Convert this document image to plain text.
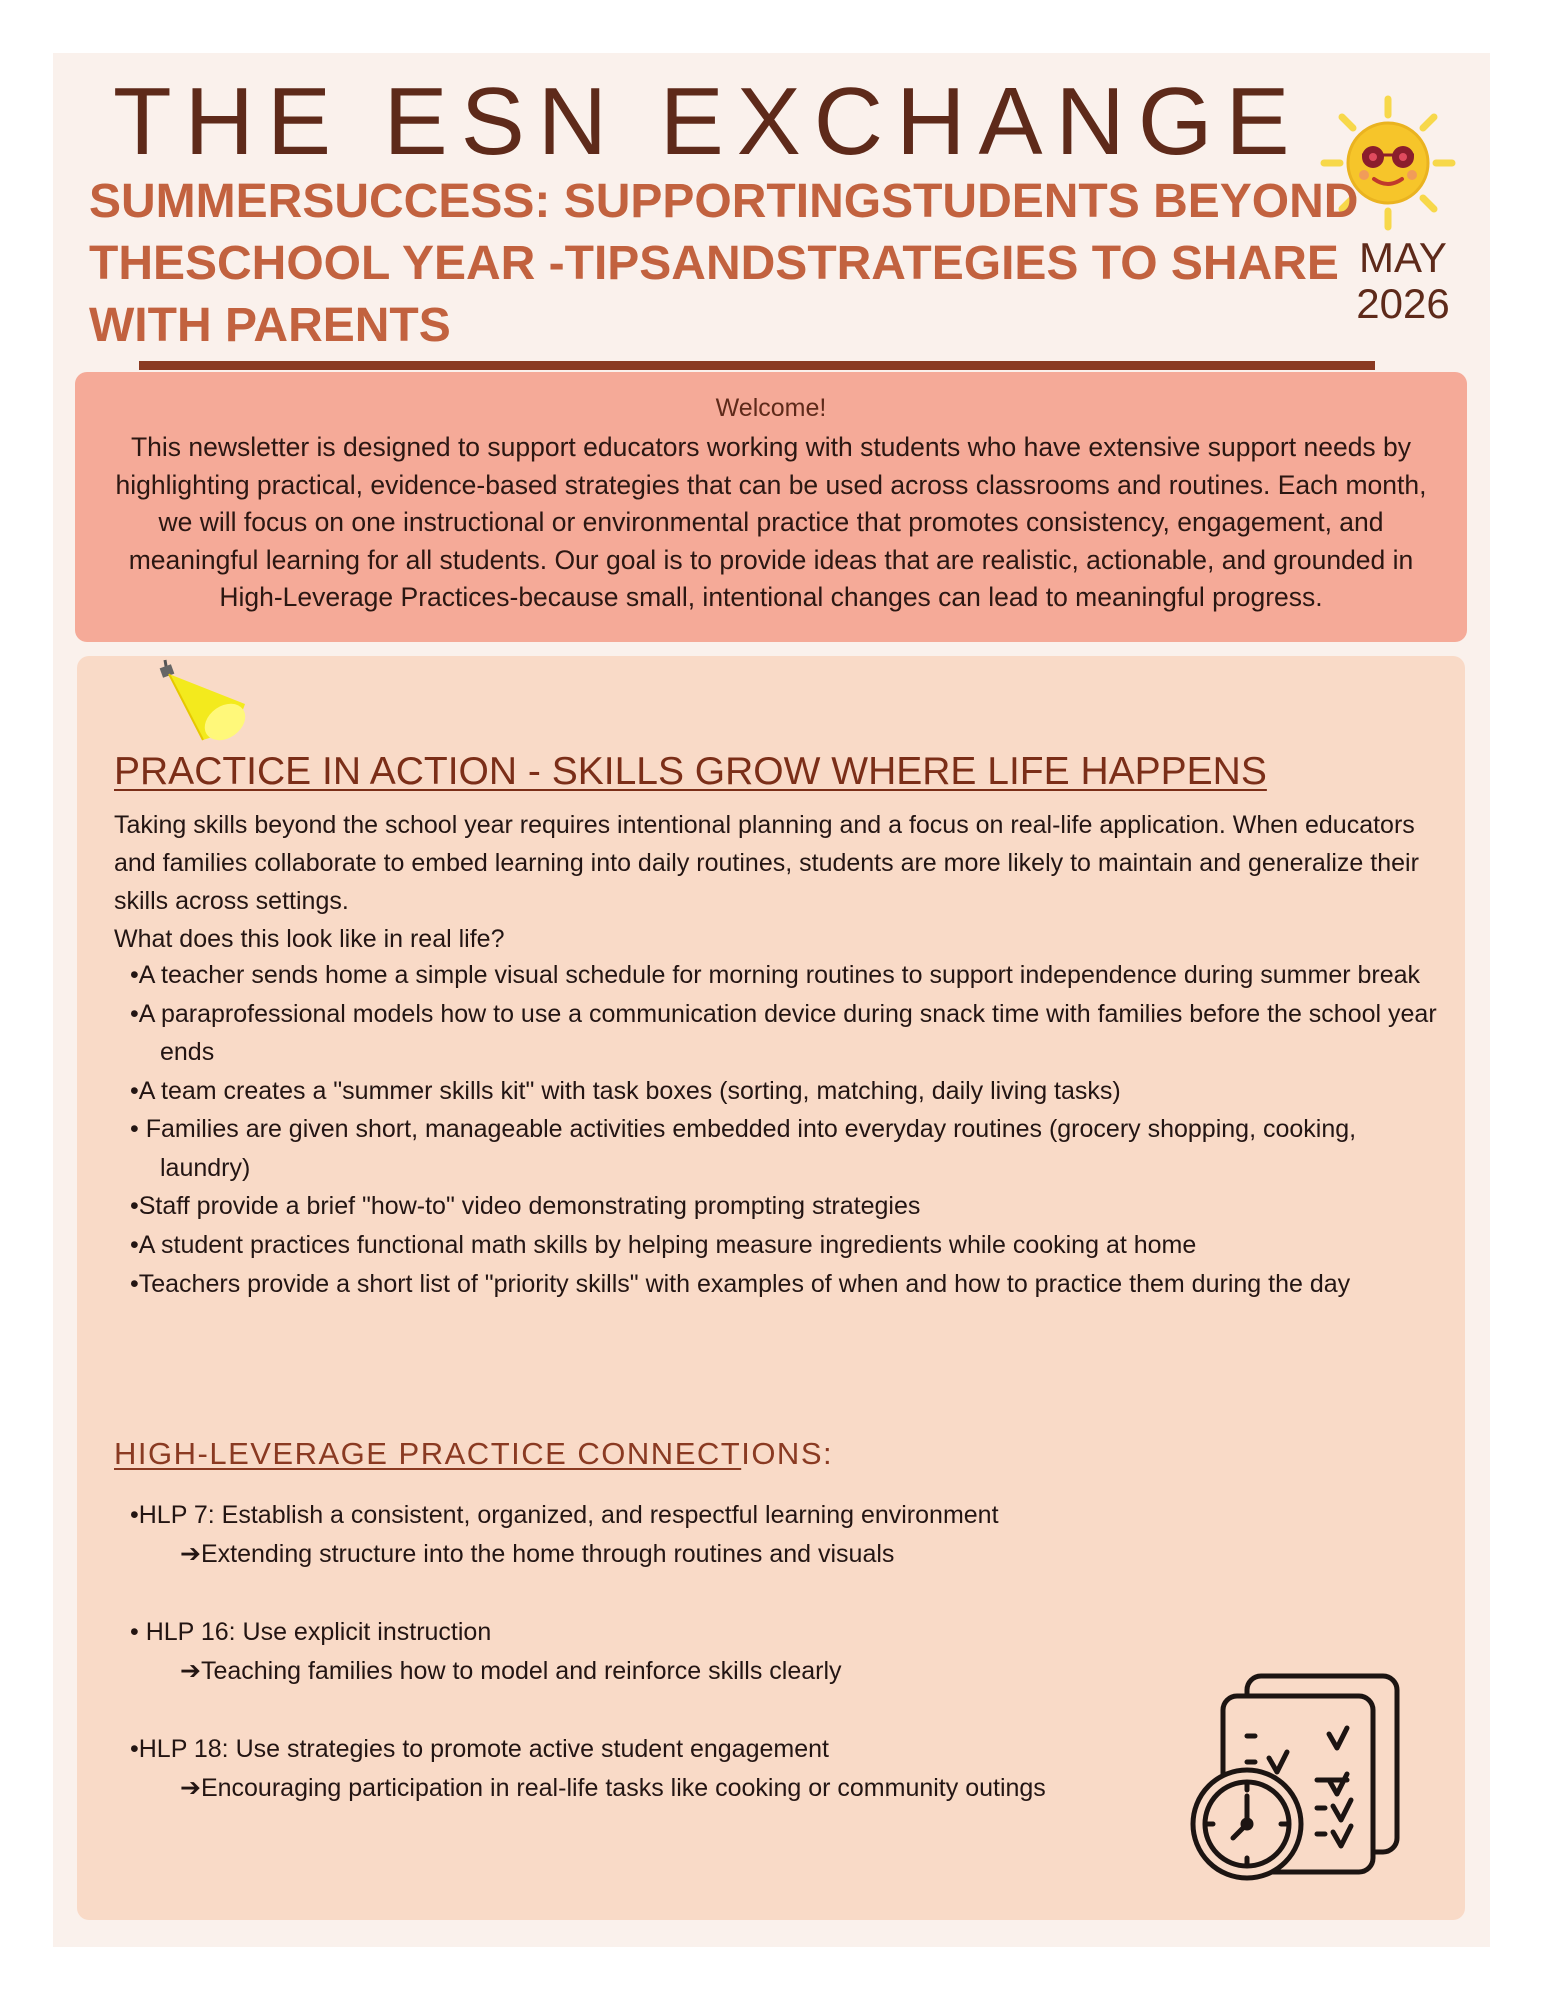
THE ESN EXCHANGE
SUMMERSUCCESS: SUPPORTINGSTUDENTS BEYOND THESCHOOL YEAR -TIPSANDSTRATEGIES TO SHARE WITH PARENTS
MAY
2026
Welcome!
This newsletter is designed to support educators working with students who have extensive support needs by highlighting practical, evidence-based strategies that can be used across classrooms and routines. Each month, we will focus on one instructional or environmental practice that promotes consistency, engagement, and meaningful learning for all students. Our goal is to provide ideas that are realistic, actionable, and grounded in High-Leverage Practices-because small, intentional changes can lead to meaningful progress.
PRACTICE IN ACTION - SKILLS GROW WHERE LIFE HAPPENS

Taking skills beyond the school year requires intentional planning and a focus on real-life application. When educators and families collaborate to embed learning into daily routines, students are more likely to maintain and generalize their skills across settings.

What does this look like in real life?

•A teacher sends home a simple visual schedule for morning routines to support independence during summer break
•A paraprofessional models how to use a communication device during snack time with families before the school year ends
•A team creates a "summer skills kit" with task boxes (sorting, matching, daily living tasks)
• Families are given short, manageable activities embedded into everyday routines (grocery shopping, cooking, laundry)
•Staff provide a brief "how-to" video demonstrating prompting strategies
•A student practices functional math skills by helping measure ingredients while cooking at home
•Teachers provide a short list of "priority skills" with examples of when and how to practice them during the day
HIGH-LEVERAGE PRACTICE CONNECTIONS:
•HLP 7: Establish a consistent, organized, and respectful learning environment
➔Extending structure into the home through routines and visuals
• HLP 16: Use explicit instruction
➔Teaching families how to model and reinforce skills clearly
•HLP 18: Use strategies to promote active student engagement
➔Encouraging participation in real-life tasks like cooking or community outings
